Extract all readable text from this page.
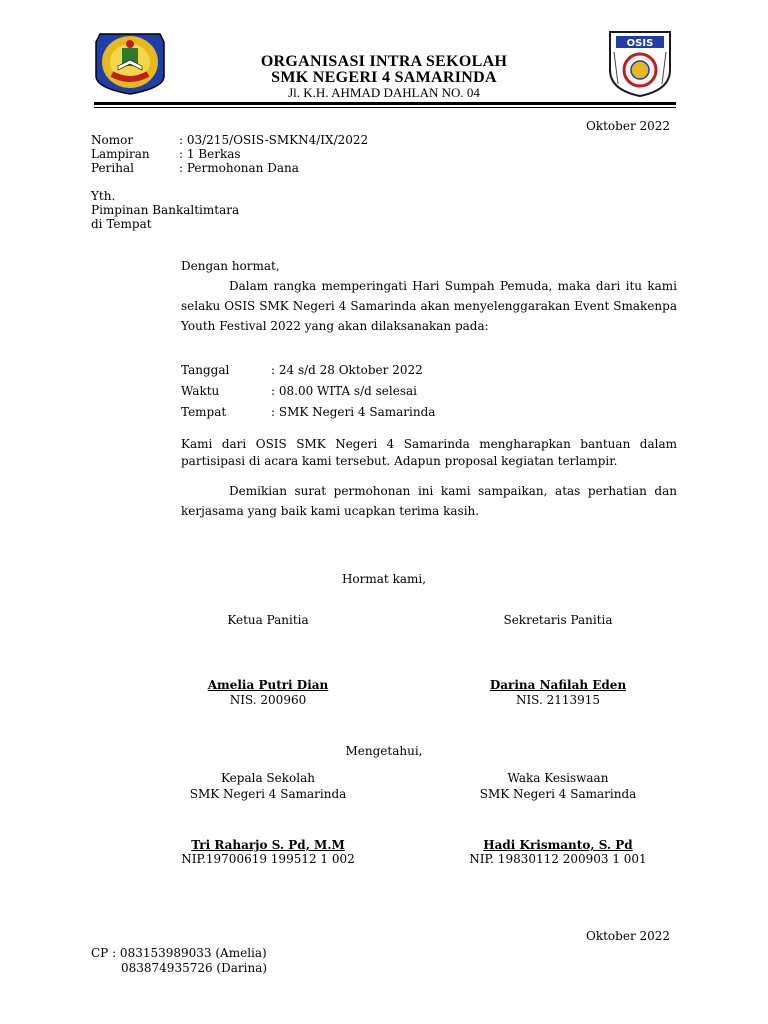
OSIS
ORGANISASI INTRA SEKOLAH
SMK NEGERI 4 SAMARINDA
Jl. K.H. AHMAD DAHLAN NO. 04
Oktober 2022
Nomor	: 03/215/OSIS-SMKN4/IX/2022
Lampiran : 1 Berkas
Perihal	: Permohonan Dana
Yth.
Pimpinan Bankaltimtara
di Tempat
Dengan hormat,
Dalam rangka memperingati Hari Sumpah Pemuda, maka dari itu kami selaku OSIS SMK Negeri 4 Samarinda akan menyelenggarakan Event Smakenpa Youth Festival 2022 yang akan dilaksanakan pada:
Tanggal	: 24 s/d 28 Oktober 2022
Waktu	: 08.00 WITA s/d selesai
Tempat	: SMK Negeri 4 Samarinda
Kami dari OSIS SMK Negeri 4 Samarinda mengharapkan bantuan dalam partisipasi di acara kami tersebut. Adapun proposal kegiatan terlampir.
Demikian surat permohonan ini kami sampaikan, atas perhatian dan kerjasama yang baik kami ucapkan terima kasih.
Hormat kami,
Ketua Panitia	Sekretaris Panitia
Amelia Putri Dian	Darina Nafilah Eden
NIS. 200960	NIS. 2113915
Mengetahui,
Kepala Sekolah	Waka Kesiswaan
SMK Negeri 4 Samarinda	SMK Negeri 4 Samarinda
Tri Raharjo S. Pd, M.M	Hadi Krismanto, S. Pd
NIP.19700619 199512 1 002	NIP. 19830112 200903 1 001
Oktober 2022
CP : 083153989033 (Amelia)
083874935726 (Darina)
